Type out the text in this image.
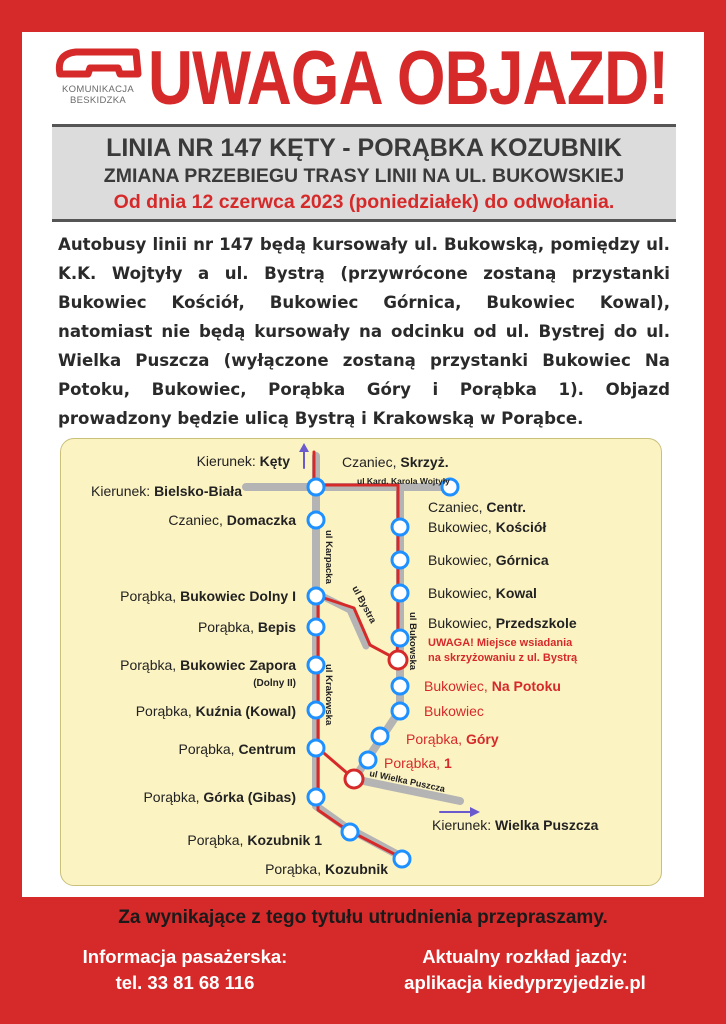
KOMUNIKACJA
BESKIDZKA UWAGA OBJAZD!
LINIA NR 147 KĘTY - PORĄBKA KOZUBNIK
ZMIANA PRZEBIEGU TRASY LINII NA UL. BUKOWSKIEJ
Od dnia 12 czerwca 2023 (poniedziałek) do odwołania.
Autobusy linii nr 147 będą kursowały ul. Bukowską, pomiędzy ul. K.K. Wojtyły a ul. Bystrą (przywrócone zostaną przystanki Bukowiec Kościół, Bukowiec Górnica, Bukowiec Kowal), natomiast nie będą kursowały na odcinku od ul. Bystrej do ul. Wielka Puszcza (wyłączone zostaną przystanki Bukowiec Na Potoku, Bukowiec, Porąbka Góry i Porąbka 1). Objazd prowadzony będzie ulicą Bystrą i Krakowską w Porąbce.
Kierunek: Kęty
Kierunek: Bielsko-Biała
Kierunek: Wielka Puszcza
ul Kard. Karola Wojtyły
ul Karpacka
ul Bystra
ul Bukowska
ul Krakowska
ul Wielka Puszcza
Czaniec, Domaczka
Porąbka, Bukowiec Dolny I
Porąbka, Bepis
Porąbka, Bukowiec Zapora
(Dolny II)
Porąbka, Kuźnia (Kowal)
Porąbka, Centrum
Porąbka, Górka (Gibas)
Porąbka, Kozubnik 1
Porąbka, Kozubnik
Czaniec, Skrzyż.
Czaniec, Centr.
Bukowiec, Kościół
Bukowiec, Górnica
Bukowiec, Kowal
Bukowiec, Przedszkole
UWAGA! Miejsce wsiadania
na skrzyżowaniu z ul. Bystrą
Bukowiec, Na Potoku
Bukowiec
Porąbka, Góry
Porąbka, 1
Za wynikające z tego tytułu utrudnienia przepraszamy.
Informacja pasażerska:
tel. 33 81 68 116
Aktualny rozkład jazdy:
aplikacja kiedyprzyjedzie.pl
